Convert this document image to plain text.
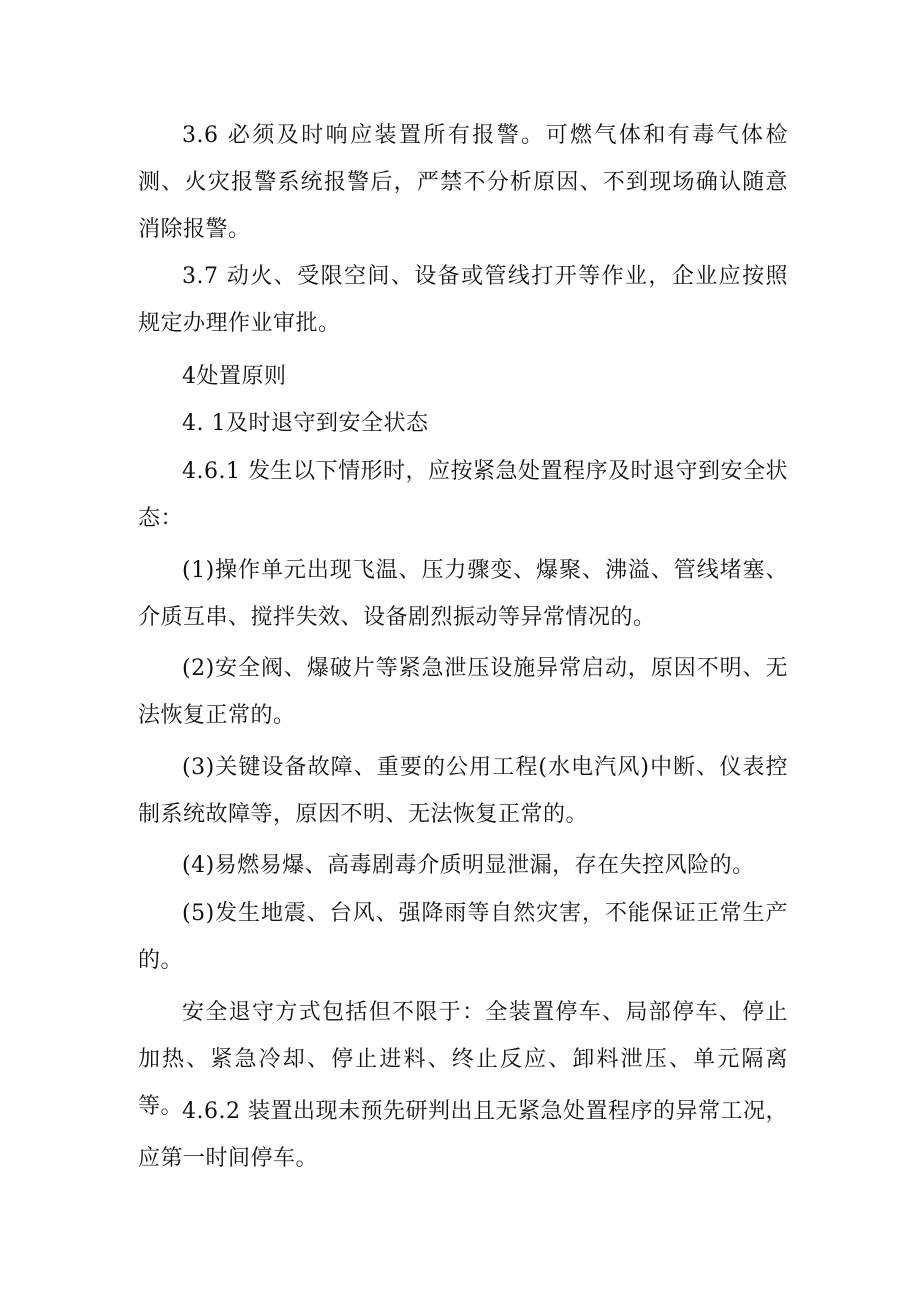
3.6 必须及时响应装置所有报警。可燃气体和有毒气体检测、火灾报警系统报警后，严禁不分析原因、不到现场确认随意消除报警。

3.7 动火、受限空间、设备或管线打开等作业，企业应按照规定办理作业审批。

4处置原则

4. 1及时退守到安全状态

4.6.1 发生以下情形时，应按紧急处置程序及时退守到安全状态：

(1)操作单元出现飞温、压力骤变、爆聚、沸溢、管线堵塞、介质互串、搅拌失效、设备剧烈振动等异常情况的。

(2)安全阀、爆破片等紧急泄压设施异常启动，原因不明、无法恢复正常的。

(3)关键设备故障、重要的公用工程(水电汽风)中断、仪表控制系统故障等，原因不明、无法恢复正常的。

(4)易燃易爆、高毒剧毒介质明显泄漏，存在失控风险的。

(5)发生地震、台风、强降雨等自然灾害，不能保证正常生产的。

安全退守方式包括但不限于：全装置停车、局部停车、停止加热、紧急冷却、停止进料、终止反应、卸料泄压、单元隔离等。

4.6.2 装置出现未预先研判出且无紧急处置程序的异常工况，应第一时间停车。
